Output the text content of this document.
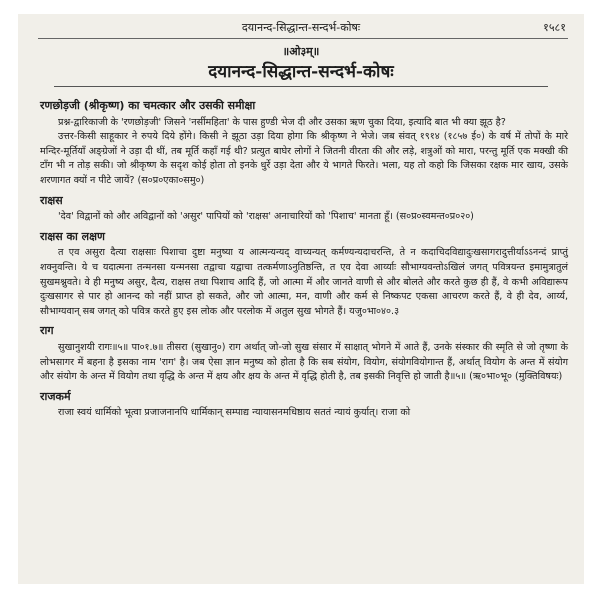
दयानन्द-सिद्धान्त-सन्दर्भ-कोषः	१५८१
॥ओ३म्॥
दयानन्द-सिद्धान्त-सन्दर्भ-कोषः
रणछोड़जी (श्रीकृष्ण) का चमत्कार और उसकी समीक्षा

प्रश्न-द्वारिकाजी के 'रणछोड़जी' जिसने 'नर्सीमहिता' के पास हुण्डी भेज दी और उसका ऋण चुका दिया, इत्यादि बात भी क्या झूठ है?

उत्तर-किसी साहूकार ने रुपये दिये होंगे। किसी ने झूठा उड़ा दिया होगा कि श्रीकृष्ण ने भेजे। जब संवत् १९१४ (१८५७ ई०) के वर्ष में तोपों के मारे मन्दिर-मूर्तियाँ अङ्ग्रेजों ने उड़ा दी थीं, तब मूर्ति कहाँ गई थी? प्रत्युत बाघेर लोगों ने जितनी वीरता की और लड़े, शत्रुओं को मारा, परन्तु मूर्ति एक मक्खी की टाँग भी न तोड़ सकी। जो श्रीकृष्ण के सदृश कोई होता तो इनके धुर्रे उड़ा देता और ये भागते फिरते। भला, यह तो कहो कि जिसका रक्षक मार खाय, उसके शरणागत क्यों न पीटे जायें? (स०प्र०एका०समु०)

राक्षस

'देव' विद्वानों को और अविद्वानों को 'असुर' पापियों को 'राक्षस' अनाचारियों को 'पिशाच' मानता हूँ। (स०प्र०स्वमन्त०प्र०२०)

राक्षस का लक्षण

त एव असुरा दैत्या राक्षसाः पिशाचा दुष्टा मनुष्या य आत्मन्यन्यद् वाच्यन्यत् कर्मण्यन्यदाचरन्ति, ते न कदाचिदविद्यादुःखसागरादुत्तीर्याऽऽनन्दं प्राप्तुं शक्नुवन्ति। ये च यदात्मना तन्मनसा यन्मनसा तद्वाचा यद्वाचा तत्कर्मणाऽनुतिष्ठन्ति, त एव देवा आर्य्याः सौभाग्यवन्तोऽखिलं जगत् पवित्रयन्त इमामुत्रातुलं सुखमश्नुवते। वे ही मनुष्य असुर, दैत्य, राक्षस तथा पिशाच आदि हैं, जो आत्मा में और जानते वाणी से और बोलते और करते कुछ ही हैं, वे कभी अविद्यारूप दुःखसागर से पार हो आनन्द को नहीं प्राप्त हो सकते, और जो आत्मा, मन, वाणी और कर्म से निष्कपट एकसा आचरण करते हैं, वे ही देव, आर्य्य, सौभाग्यवान् सब जगत् को पवित्र करते हुए इस लोक और परलोक में अतुल सुख भोगते हैं। यजु०भा०४०.३

राग

सुखानुशयी रागः॥५॥ पा०१.७॥ तीसरा (सुखानु०) राग अर्थात् जो-जो सुख संसार में साक्षात् भोगने में आते हैं, उनके संस्कार की स्मृति से जो तृष्णा के लोभसागर में बहना है इसका नाम 'राग' है। जब ऐसा ज्ञान मनुष्य को होता है कि सब संयोग, वियोग, संयोगवियोगान्त हैं, अर्थात् वियोग के अन्त में संयोग और संयोग के अन्त में वियोग तथा वृद्धि के अन्त में क्षय और क्षय के अन्त में वृद्धि होती है, तब इसकी निवृत्ति हो जाती है॥५॥ (ऋ०भा०भू० (मुक्तिविषयः)

राजकर्म

राजा स्वयं धार्मिको भूत्वा प्रजाजनानपि धार्मिकान् सम्पाद्य न्यायासनमधिष्ठाय सततं न्यायं कुर्यात्। राजा को
